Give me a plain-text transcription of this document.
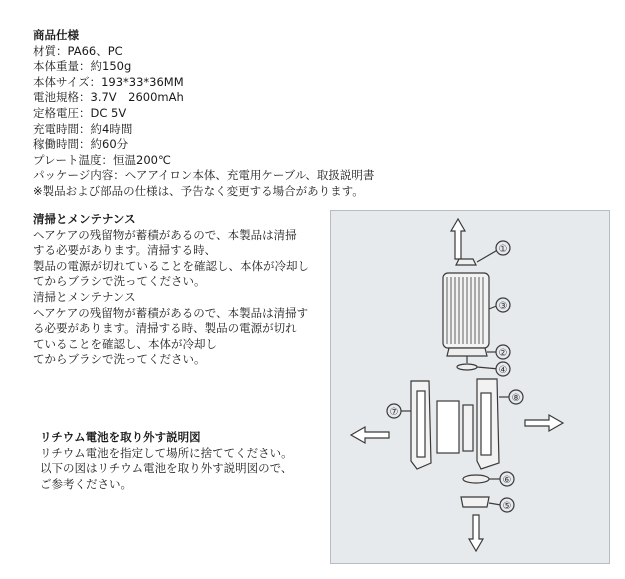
商品仕様
材質：PA66、PC
本体重量：約150g
本体サイズ：193*33*36MM
電池規格：3.7V　2600mAh
定格電圧：DC 5V
充電時間：約4時間
稼働時間：約60分
プレート温度：恒温200℃
パッケージ内容：ヘアアイロン本体、充電用ケーブル、取扱説明書
※製品および部品の仕様は、予告なく変更する場合があります。
清掃とメンテナンス
ヘアケアの残留物が蓄積があるので、本製品は清掃
する必要があります。清掃する時、
製品の電源が切れていることを確認し、本体が冷却し
てからブラシで洗ってください。
清掃とメンテナンス
ヘアケアの残留物が蓄積があるので、本製品は清掃す
る必要があります。清掃する時、製品の電源が切れ
ていることを確認し、本体が冷却し
てからブラシで洗ってください。
リチウム電池を取り外す説明図
リチウム電池を指定して場所に捨ててください。
以下の図はリチウム電池を取り外す説明図ので、
ご参考ください。
①
②
③
④
⑤
⑥
⑦
⑧
